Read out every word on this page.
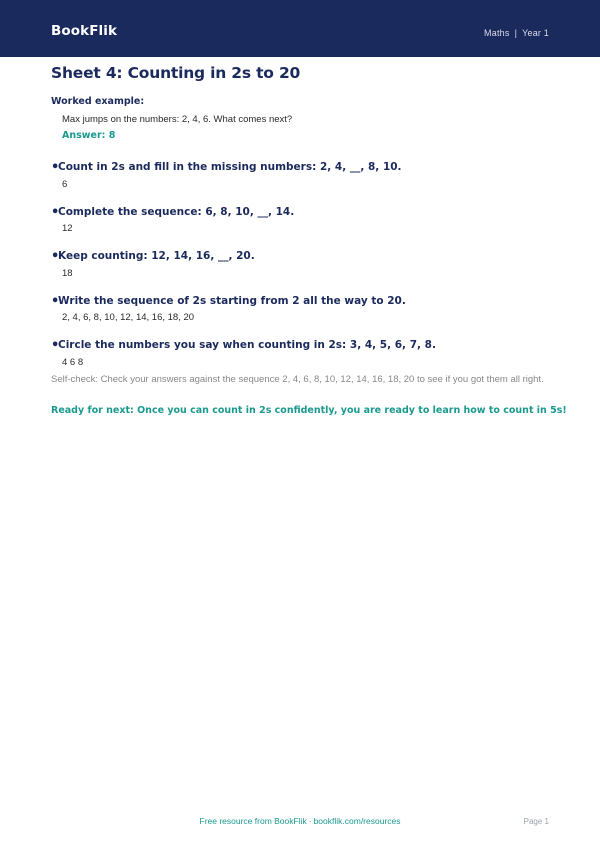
BookFlik	Maths | Year 1
Sheet 4: Counting in 2s to 20
Worked example:
Max jumps on the numbers: 2, 4, 6. What comes next?
Answer: 8
•Count in 2s and fill in the missing numbers: 2, 4, __, 8, 10.
6
•Complete the sequence: 6, 8, 10, __, 14.
12
•Keep counting: 12, 14, 16, __, 20.
18
•Write the sequence of 2s starting from 2 all the way to 20.
2, 4, 6, 8, 10, 12, 14, 16, 18, 20
•Circle the numbers you say when counting in 2s: 3, 4, 5, 6, 7, 8.
4 6 8
Self-check: Check your answers against the sequence 2, 4, 6, 8, 10, 12, 14, 16, 18, 20 to see if you got them all right.
Ready for next: Once you can count in 2s confidently, you are ready to learn how to count in 5s!
Free resource from BookFlik · bookflik.com/resources	Page 1
